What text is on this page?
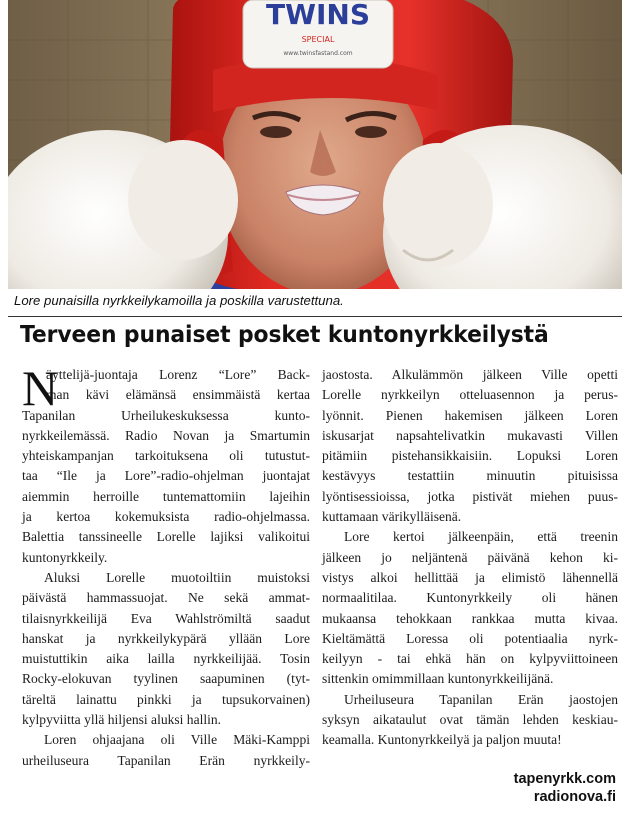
TWINS
SPECIAL
www.twinsfastand.com
Lore punaisilla nyrkkeilykamoilla ja poskilla varustettuna.
Terveen punaiset posket kuntonyrkkeilystä
N
äyttelijä-juontaja Lorenz “Lore” Back-
man kävi elämänsä ensimmäistä kertaa
Tapanilan Urheilukeskuksessa kunto-
nyrkkeilemässä. Radio Novan ja Smartumin
yhteiskampanjan tarkoituksena oli tutustut-
taa “Ile ja Lore”-radio-ohjelman juontajat
aiemmin herroille tuntemattomiin lajeihin
ja kertoa kokemuksista radio-ohjelmassa.
Balettia tanssineelle Lorelle lajiksi valikoitui
kuntonyrkkeily.
Aluksi Lorelle muotoiltiin muistoksi
päivästä hammassuojat. Ne sekä ammat-
tilaisnyrkkeilijä Eva Wahlströmiltä saadut
hanskat ja nyrkkeilykypärä yllään Lore
muistuttikin aika lailla nyrkkeilijää. Tosin
Rocky-elokuvan tyylinen saapuminen (tyt-
täreltä lainattu pinkki ja tupsukorvainen)
kylpyviitta yllä hiljensi aluksi hallin.
Loren ohjaajana oli Ville Mäki-Kamppi
urheiluseura Tapanilan Erän nyrkkeily-
jaostosta. Alkulämmön jälkeen Ville opetti
Lorelle nyrkkeilyn otteluasennon ja perus-
lyönnit. Pienen hakemisen jälkeen Loren
iskusarjat napsahtelivatkin mukavasti Villen
pitämiin pistehansikkaisiin. Lopuksi Loren
kestävyys testattiin minuutin pituisissa
lyöntisessioissa, jotka pistivät miehen puus-
kuttamaan värikylläisenä.
Lore kertoi jälkeenpäin, että treenin
jälkeen jo neljäntenä päivänä kehon ki-
vistys alkoi hellittää ja elimistö lähennellä
normaalitilaa. Kuntonyrkkeily oli hänen
mukaansa tehokkaan rankkaa mutta kivaa.
Kieltämättä Loressa oli potentiaalia nyrk-
keilyyn - tai ehkä hän on kylpyviittoineen
sittenkin omimmillaan kuntonyrkkeilijänä.
Urheiluseura Tapanilan Erän jaostojen
syksyn aikataulut ovat tämän lehden keskiau-
keamalla. Kuntonyrkkeilyä ja paljon muuta!
tapenyrkk.com
radionova.fi
